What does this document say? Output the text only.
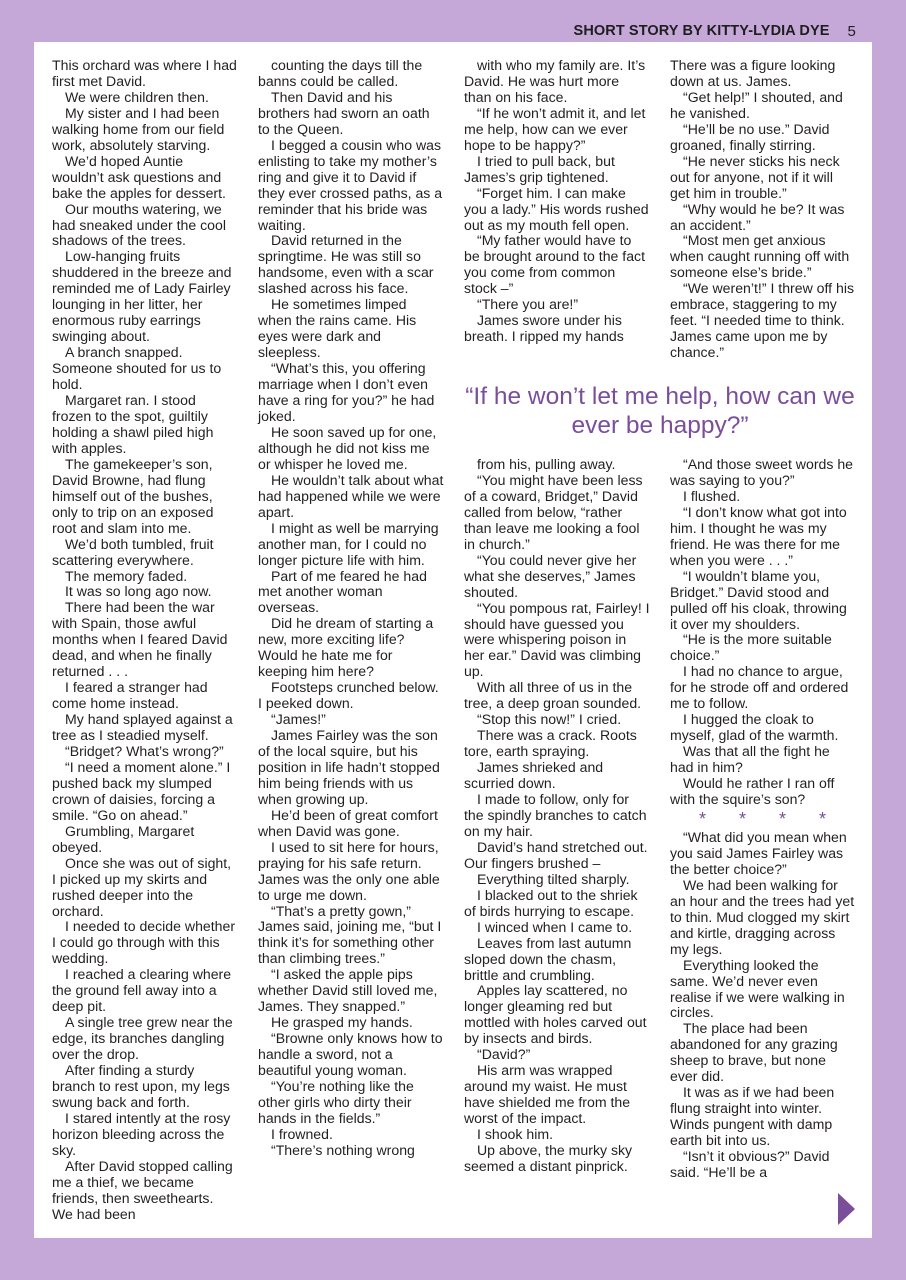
SHORT STORY BY KITTY-LYDIA DYE 5

This orchard was where I had first met David.

We were children then.

My sister and I had been walking home from our field work, absolutely starving.

We’d hoped Auntie wouldn’t ask questions and bake the apples for dessert.

Our mouths watering, we had sneaked under the cool shadows of the trees.

Low-hanging fruits shuddered in the breeze and reminded me of Lady Fairley lounging in her litter, her enormous ruby earrings swinging about.

A branch snapped. Someone shouted for us to hold.

Margaret ran. I stood frozen to the spot, guiltily holding a shawl piled high with apples.

The gamekeeper’s son, David Browne, had flung himself out of the bushes, only to trip on an exposed root and slam into me.

We’d both tumbled, fruit scattering everywhere.

The memory faded.

It was so long ago now.

There had been the war with Spain, those awful months when I feared David dead, and when he finally returned . . .

I feared a stranger had come home instead.

My hand splayed against a tree as I steadied myself.

“Bridget? What’s wrong?”

“I need a moment alone.” I pushed back my slumped crown of daisies, forcing a smile. “Go on ahead.”

Grumbling, Margaret obeyed.

Once she was out of sight, I picked up my skirts and rushed deeper into the orchard.

I needed to decide whether I could go through with this wedding.

I reached a clearing where the ground fell away into a deep pit.

A single tree grew near the edge, its branches dangling over the drop.

After finding a sturdy branch to rest upon, my legs swung back and forth.

I stared intently at the rosy horizon bleeding across the sky.

After David stopped calling me a thief, we became friends, then sweethearts. We had been

counting the days till the banns could be called.

Then David and his brothers had sworn an oath to the Queen.

I begged a cousin who was enlisting to take my mother’s ring and give it to David if they ever crossed paths, as a reminder that his bride was waiting.

David returned in the springtime. He was still so handsome, even with a scar slashed across his face.

He sometimes limped when the rains came. His eyes were dark and sleepless.

“What’s this, you offering marriage when I don’t even have a ring for you?” he had joked.

He soon saved up for one, although he did not kiss me or whisper he loved me.

He wouldn’t talk about what had happened while we were apart.

I might as well be marrying another man, for I could no longer picture life with him.

Part of me feared he had met another woman overseas.

Did he dream of starting a new, more exciting life? Would he hate me for keeping him here?

Footsteps crunched below. I peeked down.

“James!”

James Fairley was the son of the local squire, but his position in life hadn’t stopped him being friends with us when growing up.

He’d been of great comfort when David was gone.

I used to sit here for hours, praying for his safe return. James was the only one able to urge me down.

“That’s a pretty gown,” James said, joining me, “but I think it’s for something other than climbing trees.”

“I asked the apple pips whether David still loved me, James. They snapped.”

He grasped my hands.

“Browne only knows how to handle a sword, not a beautiful young woman.

“You’re nothing like the other girls who dirty their hands in the fields.”

I frowned.

“There’s nothing wrong

with who my family are. It’s David. He was hurt more than on his face.

“If he won’t admit it, and let me help, how can we ever hope to be happy?”

I tried to pull back, but James’s grip tightened.

“Forget him. I can make you a lady.” His words rushed out as my mouth fell open.

“My father would have to be brought around to the fact you come from common stock –”

“There you are!”

James swore under his breath. I ripped my hands

There was a figure looking down at us. James.

“Get help!” I shouted, and he vanished.

“He’ll be no use.” David groaned, finally stirring.

“He never sticks his neck out for anyone, not if it will get him in trouble.”

“Why would he be? It was an accident.”

“Most men get anxious when caught running off with someone else’s bride.”

“We weren’t!” I threw off his embrace, staggering to my feet. “I needed time to think. James came upon me by chance.”

“If he won’t let me help, how can we ever be happy?”

from his, pulling away.

“You might have been less of a coward, Bridget,” David called from below, “rather than leave me looking a fool in church.”

“You could never give her what she deserves,” James shouted.

“You pompous rat, Fairley! I should have guessed you were whispering poison in her ear.” David was climbing up.

With all three of us in the tree, a deep groan sounded.

“Stop this now!” I cried.

There was a crack. Roots tore, earth spraying.

James shrieked and scurried down.

I made to follow, only for the spindly branches to catch on my hair.

David’s hand stretched out. Our fingers brushed –

Everything tilted sharply.

I blacked out to the shriek of birds hurrying to escape.

I winced when I came to.

Leaves from last autumn sloped down the chasm, brittle and crumbling.

Apples lay scattered, no longer gleaming red but mottled with holes carved out by insects and birds.

“David?”

His arm was wrapped around my waist. He must have shielded me from the worst of the impact.

I shook him.

Up above, the murky sky seemed a distant pinprick.

“And those sweet words he was saying to you?”

I flushed.

“I don’t know what got into him. I thought he was my friend. He was there for me when you were . . .”

“I wouldn’t blame you, Bridget.” David stood and pulled off his cloak, throwing it over my shoulders.

“He is the more suitable choice.”

I had no chance to argue, for he strode off and ordered me to follow.

I hugged the cloak to myself, glad of the warmth.

Was that all the fight he had in him?

Would he rather I ran off with the squire’s son?

* * * *

“What did you mean when you said James Fairley was the better choice?”

We had been walking for an hour and the trees had yet to thin. Mud clogged my skirt and kirtle, dragging across my legs.

Everything looked the same. We’d never even realise if we were walking in circles.

The place had been abandoned for any grazing sheep to brave, but none ever did.

It was as if we had been flung straight into winter. Winds pungent with damp earth bit into us.

“Isn’t it obvious?” David said. “He’ll be a
